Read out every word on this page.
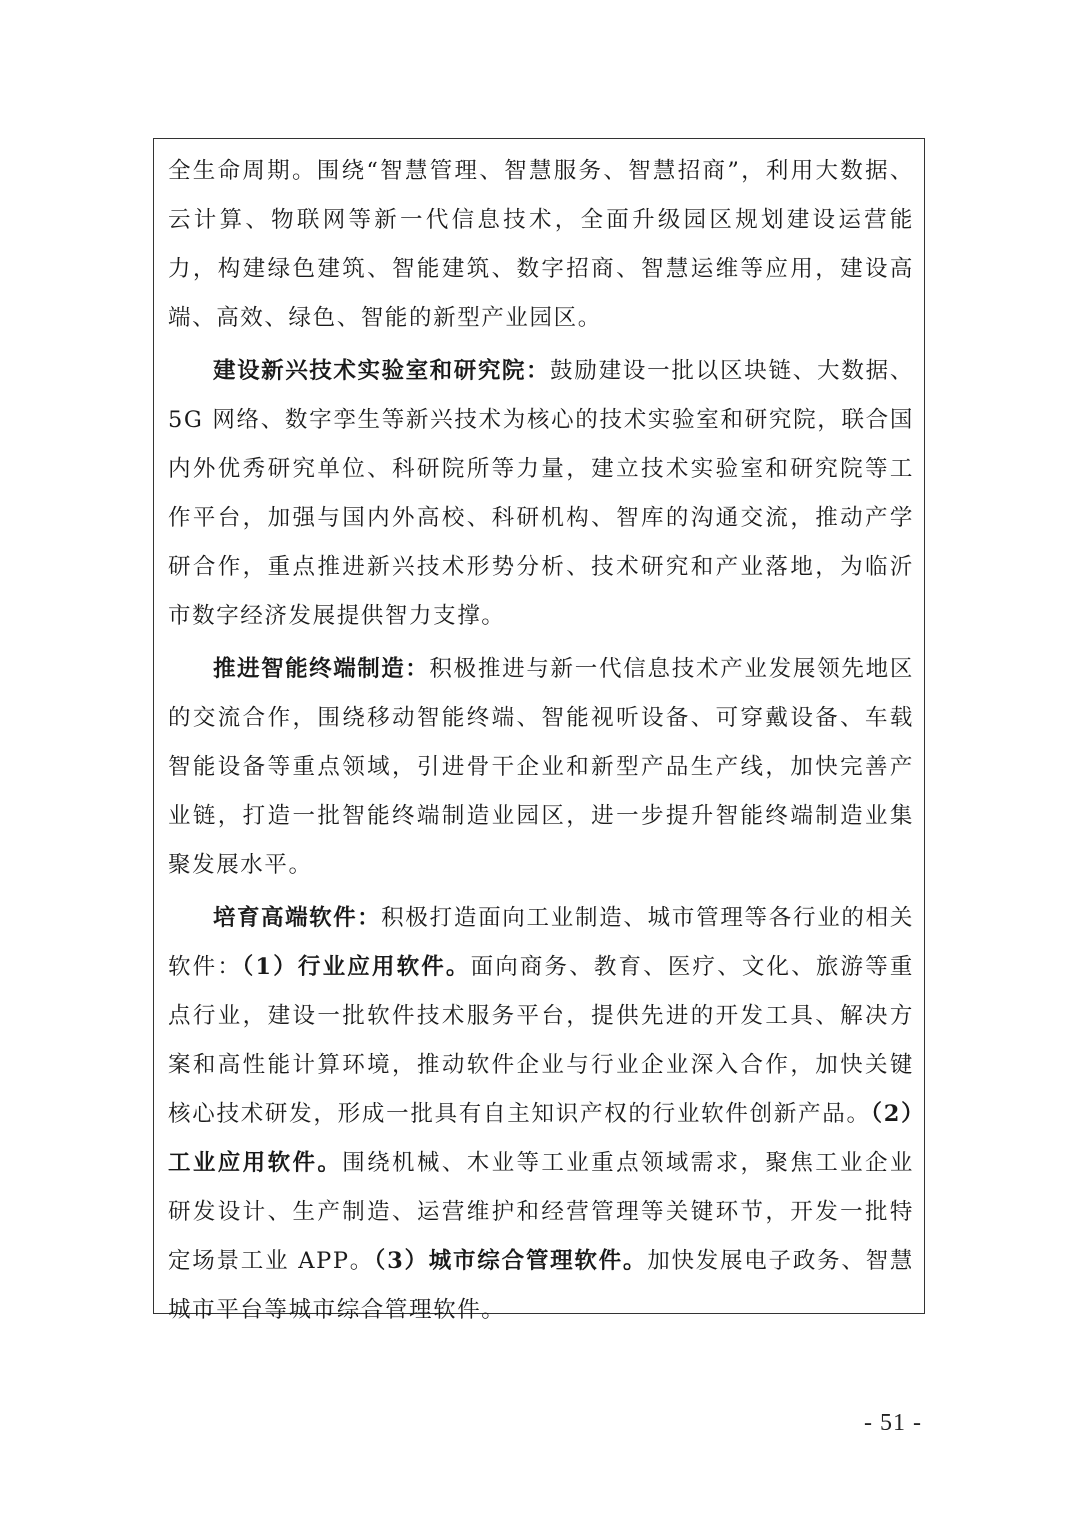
全生命周期。围绕“智慧管理、智慧服务、智慧招商”，利用大数据、云计算、物联网等新一代信息技术，全面升级园区规划建设运营能力，构建绿色建筑、智能建筑、数字招商、智慧运维等应用，建设高端、高效、绿色、智能的新型产业园区。

建设新兴技术实验室和研究院：鼓励建设一批以区块链、大数据、5G 网络、数字孪生等新兴技术为核心的技术实验室和研究院，联合国内外优秀研究单位、科研院所等力量，建立技术实验室和研究院等工作平台，加强与国内外高校、科研机构、智库的沟通交流，推动产学研合作，重点推进新兴技术形势分析、技术研究和产业落地，为临沂市数字经济发展提供智力支撑。

推进智能终端制造：积极推进与新一代信息技术产业发展领先地区的交流合作，围绕移动智能终端、智能视听设备、可穿戴设备、车载智能设备等重点领域，引进骨干企业和新型产品生产线，加快完善产业链，打造一批智能终端制造业园区，进一步提升智能终端制造业集聚发展水平。

培育高端软件：积极打造面向工业制造、城市管理等各行业的相关软件：（1）行业应用软件。面向商务、教育、医疗、文化、旅游等重点行业，建设一批软件技术服务平台，提供先进的开发工具、解决方案和高性能计算环境，推动软件企业与行业企业深入合作，加快关键核心技术研发，形成一批具有自主知识产权的行业软件创新产品。（2）工业应用软件。围绕机械、木业等工业重点领域需求，聚焦工业企业研发设计、生产制造、运营维护和经营管理等关键环节，开发一批特定场景工业 APP。（3）城市综合管理软件。加快发展电子政务、智慧城市平台等城市综合管理软件。

- 51 -
